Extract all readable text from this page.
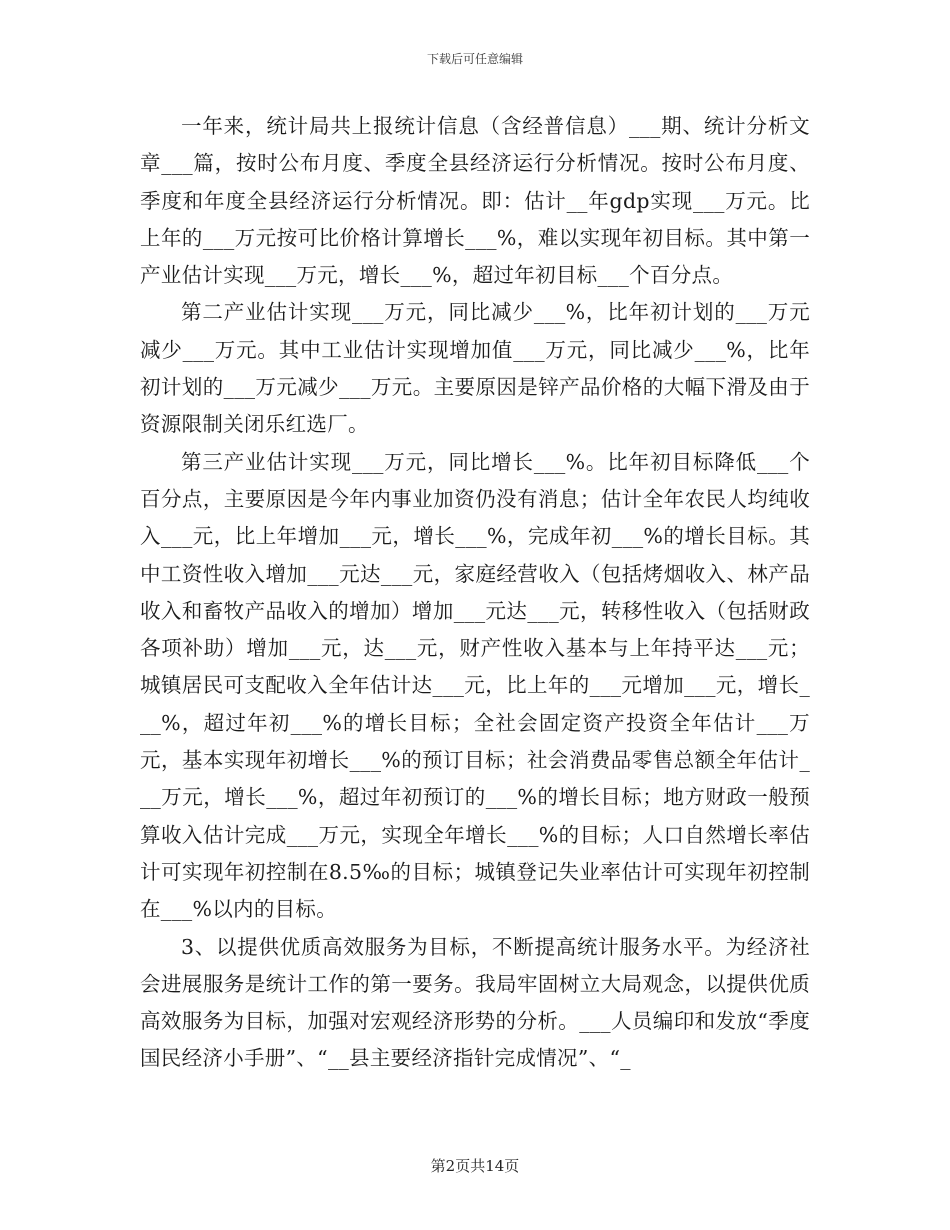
下载后可任意编辑

一年来，统计局共上报统计信息（含经普信息）___期、统计分析文章___篇，按时公布月度、季度全县经济运行分析情况。按时公布月度、季度和年度全县经济运行分析情况。即：估计__年gdp实现___万元。比上年的___万元按可比价格计算增长___%，难以实现年初目标。其中第一产业估计实现___万元，增长___%，超过年初目标___个百分点。

第二产业估计实现___万元，同比减少___%，比年初计划的___万元减少___万元。其中工业估计实现增加值___万元，同比减少___%，比年初计划的___万元减少___万元。主要原因是锌产品价格的大幅下滑及由于资源限制关闭乐红选厂。

第三产业估计实现___万元，同比增长___%。比年初目标降低___个百分点，主要原因是今年内事业加资仍没有消息；估计全年农民人均纯收入___元，比上年增加___元，增长___%，完成年初___%的增长目标。其中工资性收入增加___元达___元，家庭经营收入（包括烤烟收入、林产品收入和畜牧产品收入的增加）增加___元达___元，转移性收入（包括财政各项补助）增加___元，达___元，财产性收入基本与上年持平达___元；城镇居民可支配收入全年估计达___元，比上年的___元增加___元，增长___%，超过年初___%的增长目标；全社会固定资产投资全年估计___万元，基本实现年初增长___%的预订目标；社会消费品零售总额全年估计___万元，增长___%，超过年初预订的___%的增长目标；地方财政一般预算收入估计完成___万元，实现全年增长___%的目标；人口自然增长率估计可实现年初控制在8.5‰的目标；城镇登记失业率估计可实现年初控制在___%以内的目标。

3、以提供优质高效服务为目标，不断提高统计服务水平。为经济社会进展服务是统计工作的第一要务。我局牢固树立大局观念，以提供优质高效服务为目标，加强对宏观经济形势的分析。___人员编印和发放“季度国民经济小手册”、“__县主要经济指针完成情况”、“_

第2页共14页
